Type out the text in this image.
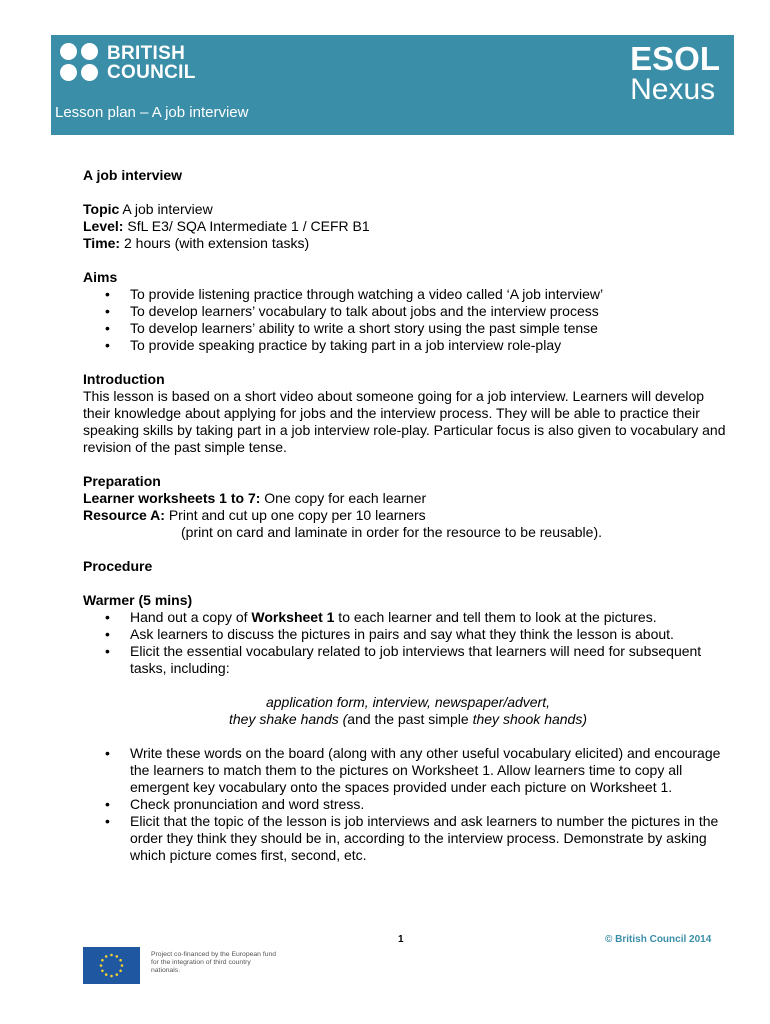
BRITISH
COUNCIL	ESOL
Nexus
Lesson plan – A job interview

A job interview

Topic A job interview

Level: SfL E3/ SQA Intermediate 1 / CEFR B1

Time: 2 hours (with extension tasks)

Aims

• To provide listening practice through watching a video called ‘A job interview’
• To develop learners’ vocabulary to talk about jobs and the interview process
• To develop learners’ ability to write a short story using the past simple tense
• To provide speaking practice by taking part in a job interview role-play

Introduction

This lesson is based on a short video about someone going for a job interview. Learners will develop their knowledge about applying for jobs and the interview process. They will be able to practice their speaking skills by taking part in a job interview role-play. Particular focus is also given to vocabulary and revision of the past simple tense.

Preparation

Learner worksheets 1 to 7: One copy for each learner

Resource A: Print and cut up one copy per 10 learners

(print on card and laminate in order for the resource to be reusable).

Procedure

Warmer (5 mins)

• Hand out a copy of Worksheet 1 to each learner and tell them to look at the pictures.
• Ask learners to discuss the pictures in pairs and say what they think the lesson is about.
• Elicit the essential vocabulary related to job interviews that learners will need for subsequent tasks, including:

application form, interview, newspaper/advert,

they shake hands (and the past simple they shook hands)

• Write these words on the board (along with any other useful vocabulary elicited) and encourage the learners to match them to the pictures on Worksheet 1. Allow learners time to copy all emergent key vocabulary onto the spaces provided under each picture on Worksheet 1.
• Check pronunciation and word stress.
• Elicit that the topic of the lesson is job interviews and ask learners to number the pictures in the order they think they should be in, according to the interview process. Demonstrate by asking which picture comes first, second, etc.
1	© British Council 2014
Project co-financed by the European fund for the integration of third country nationals.
